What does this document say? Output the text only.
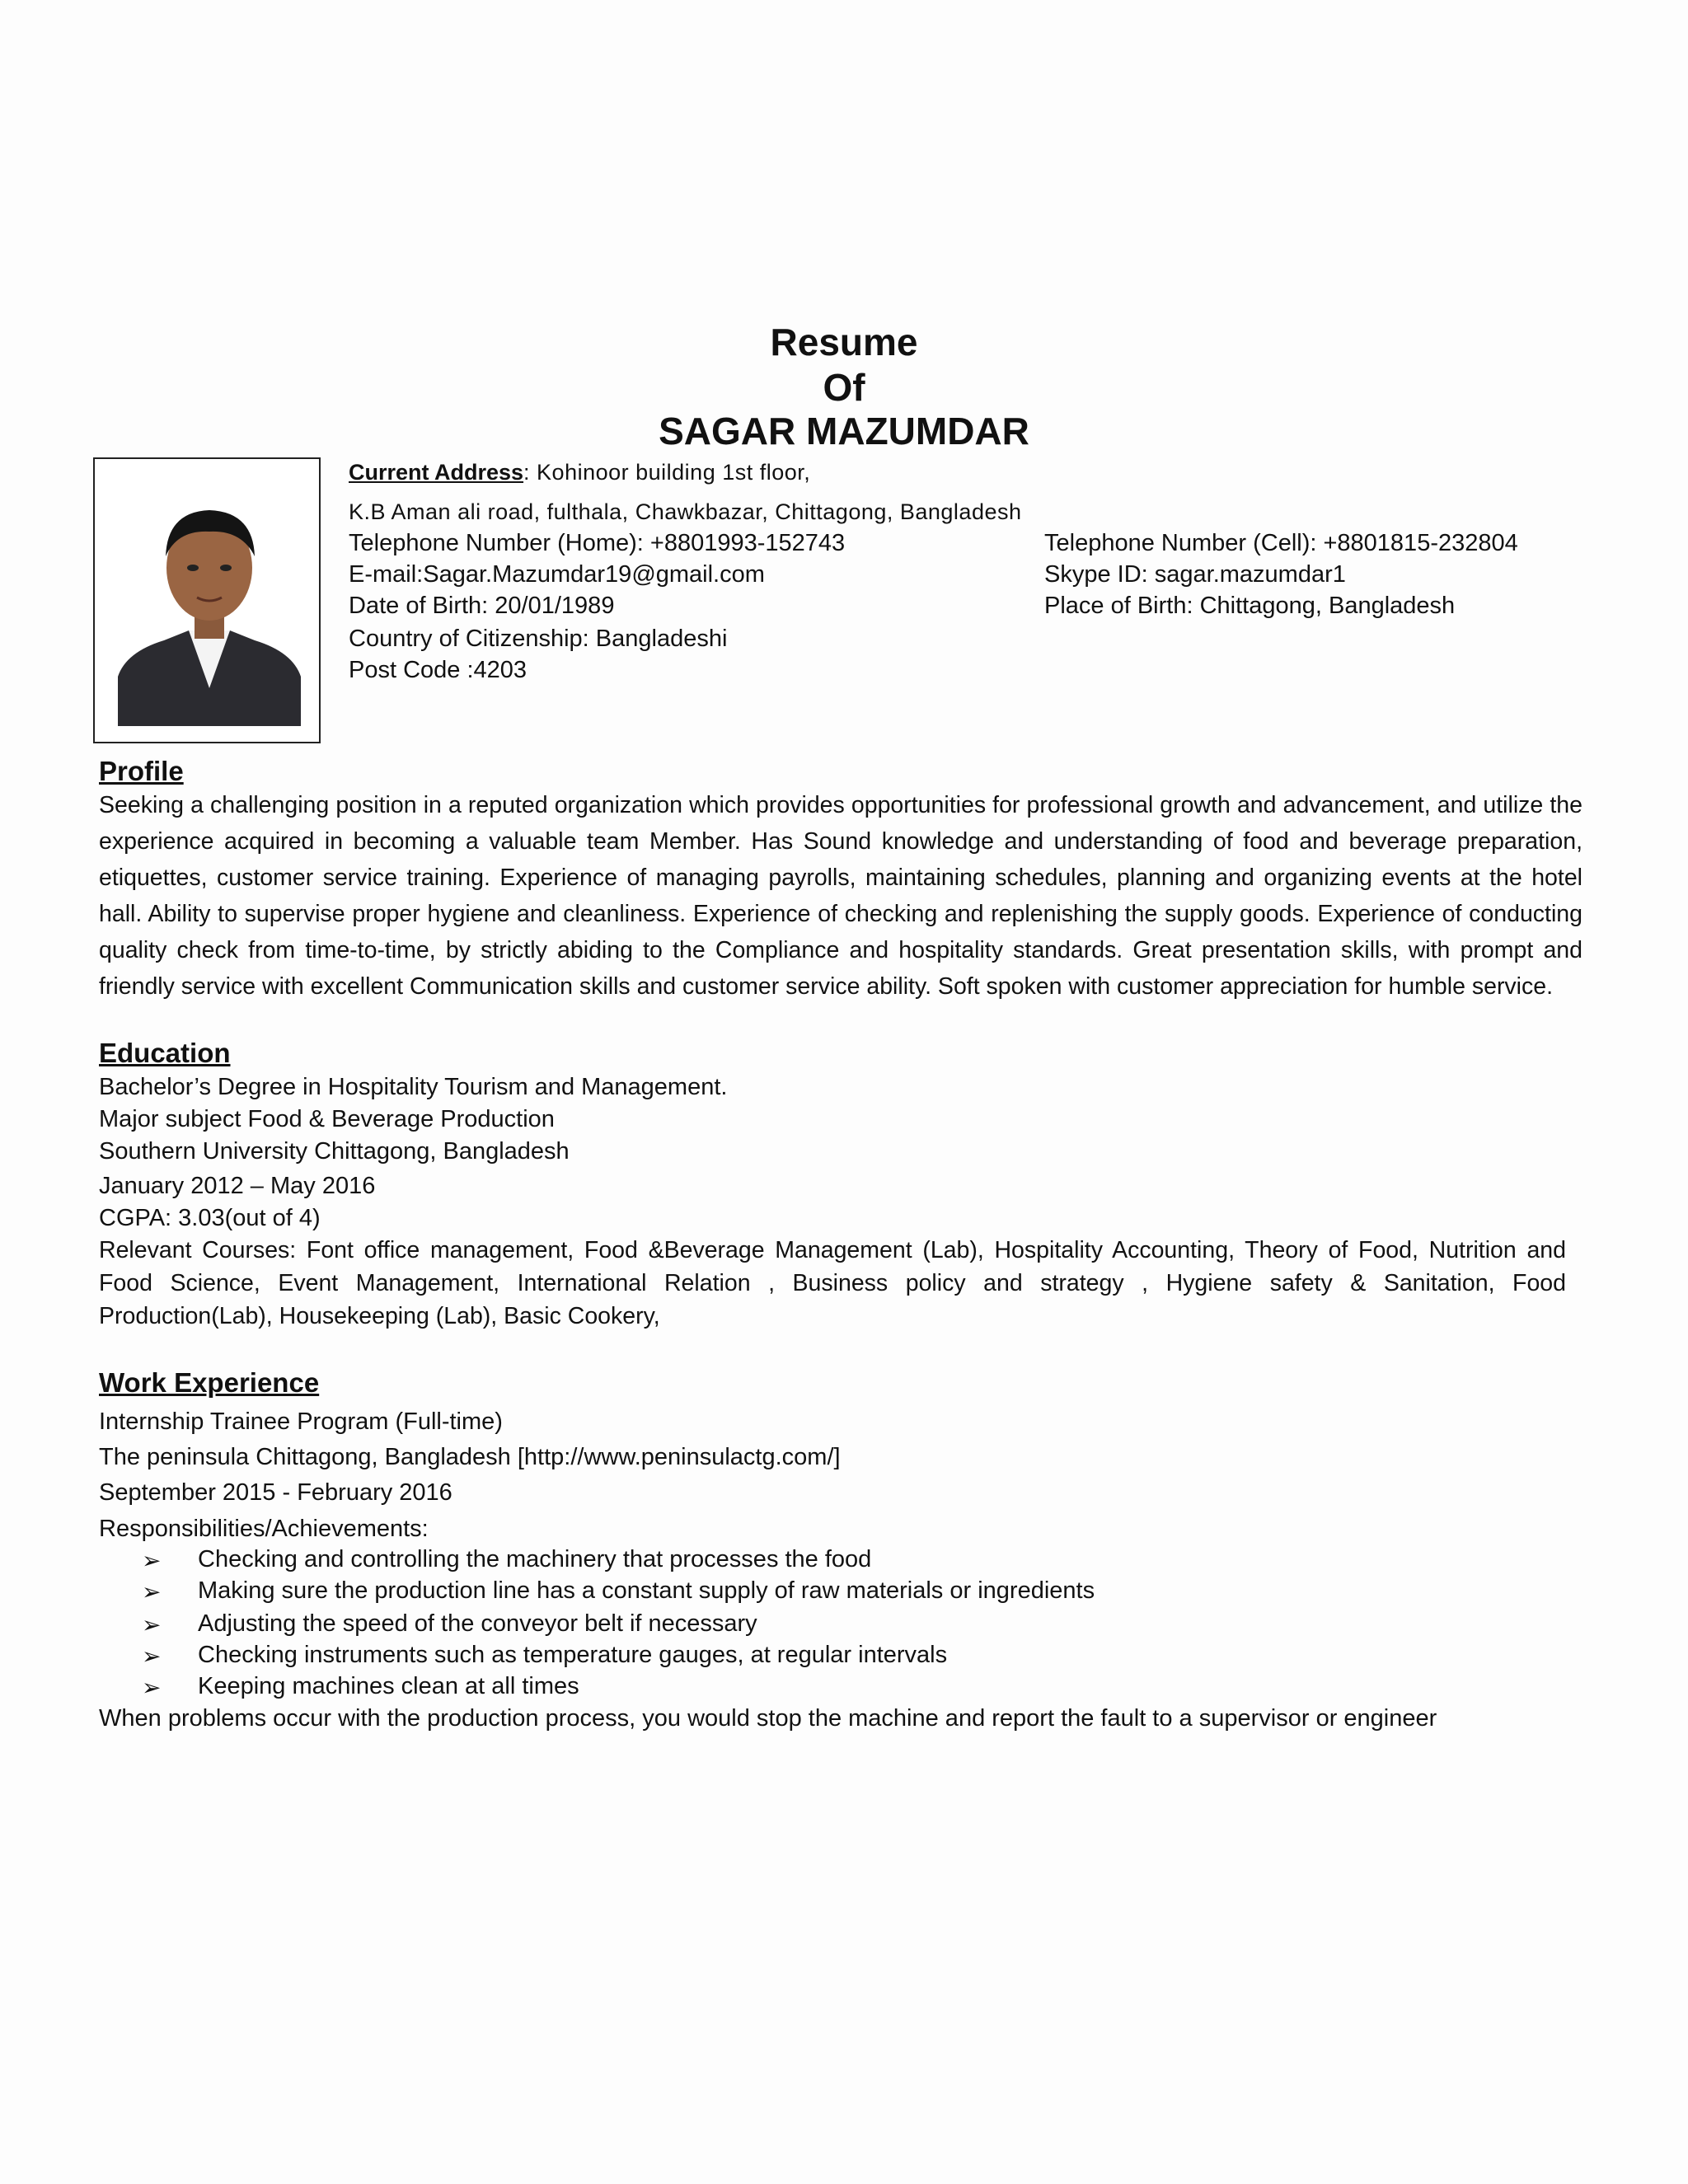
Resume
Of
SAGAR MAZUMDAR
Current Address: Kohinoor building 1st floor,
K.B Aman ali road, fulthala, Chawkbazar, Chittagong, Bangladesh
Telephone Number (Home): +8801993-152743	Telephone Number (Cell): +8801815-232804
E-mail:Sagar.Mazumdar19@gmail.com	Skype ID: sagar.mazumdar1
Date of Birth: 20/01/1989	Place of Birth: Chittagong, Bangladesh
Country of Citizenship: Bangladeshi
Post Code :4203
Profile
Seeking a challenging position in a reputed organization which provides opportunities for professional growth and advancement, and utilize the experience acquired in becoming a valuable team Member. Has Sound knowledge and understanding of food and beverage preparation, etiquettes, customer service training. Experience of managing payrolls, maintaining schedules, planning and organizing events at the hotel hall. Ability to supervise proper hygiene and cleanliness. Experience of checking and replenishing the supply goods. Experience of conducting quality check from time-to-time, by strictly abiding to the Compliance and hospitality standards. Great presentation skills, with prompt and friendly service with excellent Communication skills and customer service ability. Soft spoken with customer appreciation for humble service.
Education
Bachelor’s Degree in Hospitality Tourism and Management.
Major subject Food & Beverage Production
Southern University Chittagong, Bangladesh
January 2012 – May 2016
CGPA: 3.03(out of 4)
Relevant Courses: Font office management, Food &Beverage Management (Lab), Hospitality Accounting, Theory of Food, Nutrition and Food Science, Event Management, International Relation , Business policy and strategy , Hygiene safety & Sanitation, Food Production(Lab), Housekeeping (Lab), Basic Cookery,
Work Experience
Internship Trainee Program (Full-time)
The peninsula Chittagong, Bangladesh [http://www.peninsulactg.com/]
September 2015 - February 2016
Responsibilities/Achievements:
➢ Checking and controlling the machinery that processes the food
➢ Making sure the production line has a constant supply of raw materials or ingredients
➢ Adjusting the speed of the conveyor belt if necessary
➢ Checking instruments such as temperature gauges, at regular intervals
➢ Keeping machines clean at all times
When problems occur with the production process, you would stop the machine and report the fault to a supervisor or engineer
